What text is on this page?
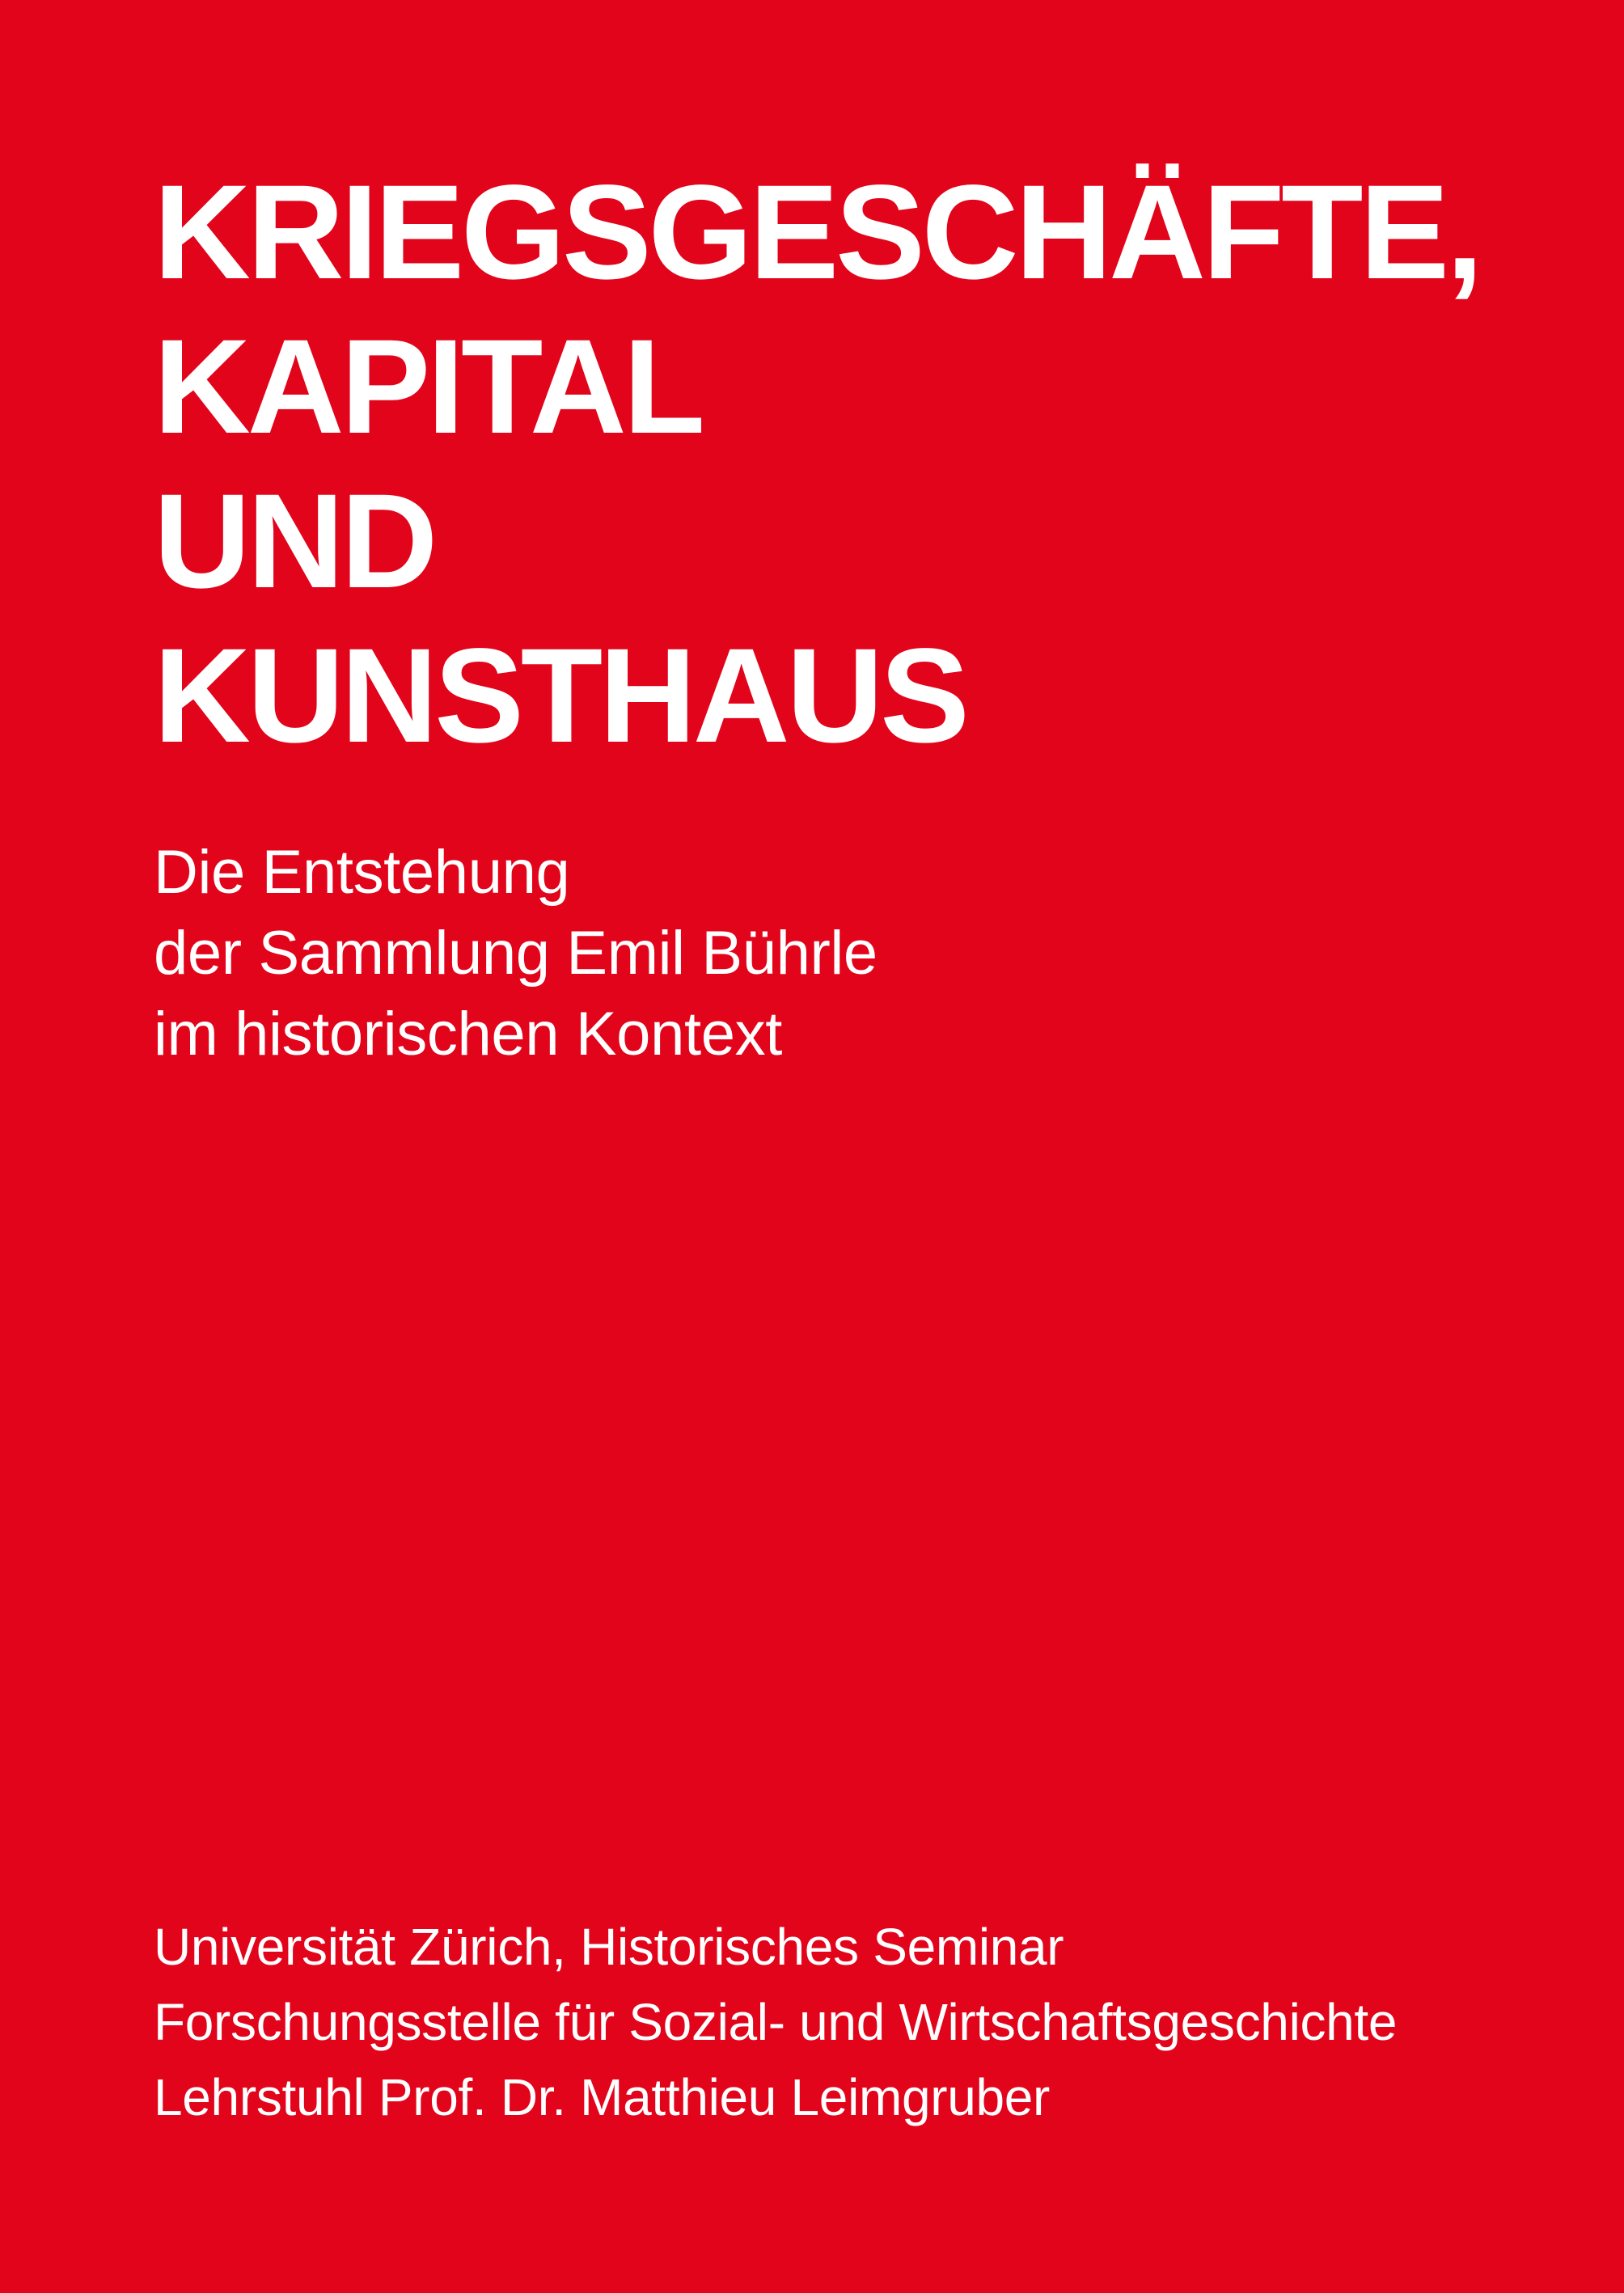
KRIEGSGESCHÄFTE,
KAPITAL
UND
KUNSTHAUS
Die Entstehung
der Sammlung Emil Bührle
im historischen Kontext
Universität Zürich, Historisches Seminar
Forschungsstelle für Sozial- und Wirtschaftsgeschichte
Lehrstuhl Prof. Dr. Matthieu Leimgruber
